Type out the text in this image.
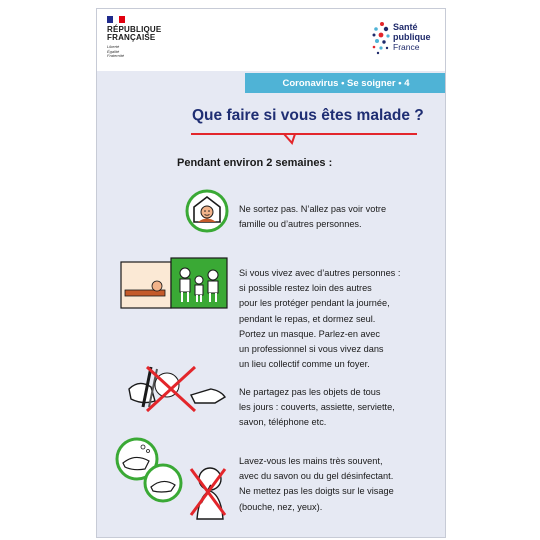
RÉPUBLIQUE
FRANÇAISE
Liberté
Égalité
Fraternité
Santé
publique
France
Coronavirus • Se soigner • 4
Que faire si vous êtes malade ?
Pendant environ 2 semaines :
Ne sortez pas. N’allez pas voir votre
famille ou d’autres personnes.
Si vous vivez avec d’autres personnes :
si possible restez loin des autres
pour les protéger pendant la journée,
pendant le repas, et dormez seul.
Portez un masque. Parlez-en avec
un professionnel si vous vivez dans
un lieu collectif comme un foyer.
Ne partagez pas les objets de tous
les jours : couverts, assiette, serviette,
savon, téléphone etc.
Lavez-vous les mains très souvent,
avec du savon ou du gel désinfectant.
Ne mettez pas les doigts sur le visage
(bouche, nez, yeux).
